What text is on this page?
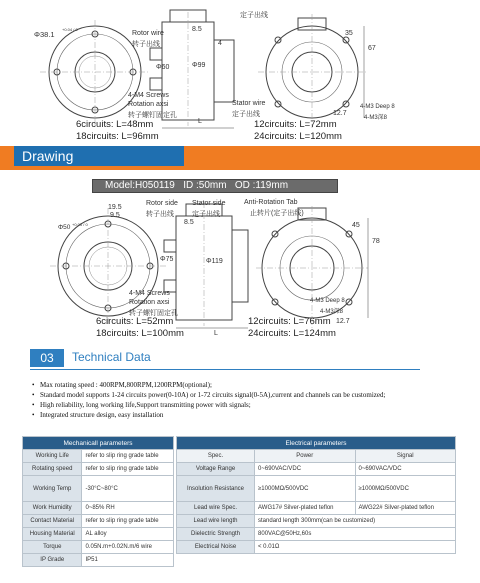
Φ38.1
+0.04 / 0
Rotor wire
转子出线
8.5
4
定子出线
35
67
Φ99
Φ60
4-M4 Screws
Rotation axsi
转子螺钉固定孔
L
Stator wire
定子出线	12.7
4-M3 Deep 8
4-M3深8
6circuits: L=48mm
18circuits: L=96mm
12circuits: L=72mm
24circuits: L=120mm
Drawing
Model:H050119   ID :50mm   OD :119mm
19.5
9.5
Φ50 +0.05 / 0
Rotor side
转子出线
Stator side
定子出线
Anti-Rotation Tab
止转片(定子出线)
8.5	45
78
Φ119
Φ75
4-M4 Screws
Rotation axsi
转子螺钉固定孔
L
12.7
4-M3 Deep 8
4-M3深8
6circuits: L=52mm
18circuits: L=100mm
12circuits: L=76mm
24circuits: L=124mm
03	Technical Data
• Max rotating speed : 400RPM,800RPM,1200RPM(optional);
• Standard model supports 1-24 circuits power(0-10A) or 1-72 circuits signal(0-5A),current and channels can be customized;
• High reliability, long working life,Support transmitting power with signals;
• Integrated structure design, easy installation
Mechanicall parameters	
Working Life	refer to slip ring grade table
Rotating speed	refer to slip ring grade table
Working Temp	-30°C~80°C
Work Humidity	0~85% RH
Contact Material	refer to slip ring grade table
Housing Material	AL alloy
Torque	0.05N.m+0.02N.m/6 wire
IP Grade	IP51
Electrical parameters		
Spec.	Power	Signal
Voltage Range	0~690VAC/VDC	0~690VAC/VDC
Insolution Resistance	≥1000MΩ/500VDC	≥1000MΩ/500VDC
Lead wire Spec.	AWG17# Silver-plated teflon	AWG22# Silver-plated teflon
Lead wire length	standard length 300mm(can be customized)	
Dielectric Strength	800VAC@50Hz,60s	
Electrical Noise	< 0.01Ω	
